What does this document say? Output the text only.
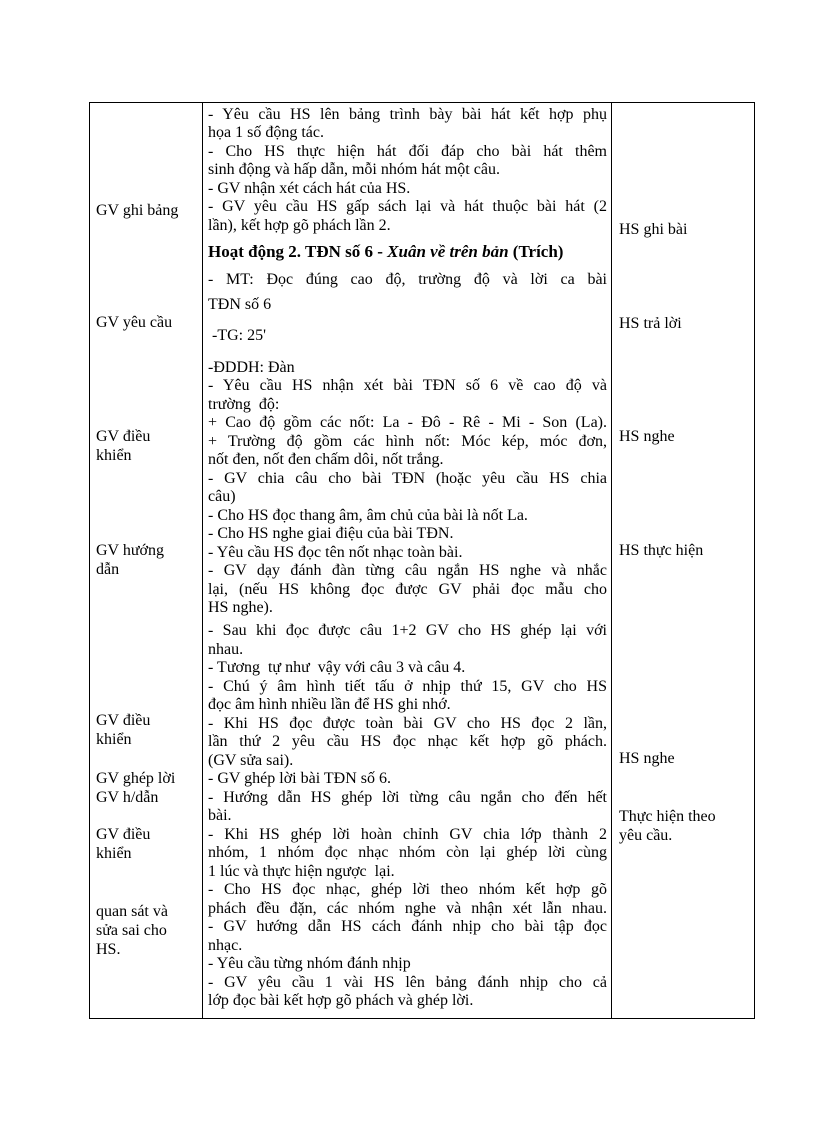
GV ghi bảng
GV yêu cầu
GV điều
khiển
GV hướng
dẫn
GV điều
khiển
GV ghép lời
GV h/dẫn
GV điều
khiển
quan sát và
sửa sai cho
HS.
- Yêu cầu HS lên bảng trình bày bài hát kết hợp phụ
họa 1 số động tác.
- Cho HS thực hiện hát đối đáp cho bài hát thêm
sinh động và hấp dẫn, mỗi nhóm hát một câu.
- GV nhận xét cách hát của HS.
- GV yêu cầu HS gấp sách lại và hát thuộc bài hát (2
lần), kết hợp gõ phách lần 2.
Hoạt động 2. TĐN số 6 - Xuân về trên bản (Trích)
- MT: Đọc đúng cao độ, trường độ và lời ca bài
TĐN số 6
-TG: 25'
-ĐDDH: Đàn
- Yêu cầu HS nhận xét bài TĐN số 6 về cao độ và
trường  độ:
+ Cao độ gồm các nốt: La - Đô - Rê - Mi - Son (La).
+ Trường độ gồm các hình nốt: Móc kép, móc đơn,
nốt đen, nốt đen chấm dôi, nốt trắng.
- GV chia câu cho bài TĐN (hoặc yêu cầu HS chia
câu)
- Cho HS đọc thang âm, âm chủ của bài là nốt La.
- Cho HS nghe giai điệu của bài TĐN.
- Yêu cầu HS đọc tên nốt nhạc toàn bài.
- GV dạy đánh đàn từng câu ngắn HS nghe và nhắc
lại, (nếu HS không đọc được GV phải đọc mẫu cho
HS nghe).
- Sau khi đọc được câu 1+2 GV cho HS ghép lại với
nhau.
- Tương  tự như  vậy với câu 3 và câu 4.
- Chú ý âm hình tiết tấu ở nhịp thứ 15, GV cho HS
đọc âm hình nhiều lần để HS ghi nhớ.
- Khi HS đọc được toàn bài GV cho HS đọc 2 lần,
lần thứ 2 yêu cầu HS đọc nhạc kết hợp gõ phách.
(GV sửa sai).
- GV ghép lời bài TĐN số 6.
- Hướng dẫn HS ghép lời từng câu ngắn cho đến hết
bài.
- Khi HS ghép lời hoàn chỉnh GV chia lớp thành 2
nhóm, 1 nhóm đọc nhạc nhóm còn lại ghép lời cùng
1 lúc và thực hiện ngược  lại.
- Cho HS đọc nhạc, ghép lời theo nhóm kết hợp gõ
phách đều đặn, các nhóm nghe và nhận xét lẫn nhau.
- GV hướng dẫn HS cách đánh nhịp cho bài tập đọc
nhạc.
- Yêu cầu từng nhóm đánh nhịp
- GV yêu cầu 1 vài HS lên bảng đánh nhịp cho cả
lớp đọc bài kết hợp gõ phách và ghép lời.
HS ghi bài
HS trả lời
HS nghe
HS thực hiện
HS nghe
Thực hiện theo
yêu cầu.
